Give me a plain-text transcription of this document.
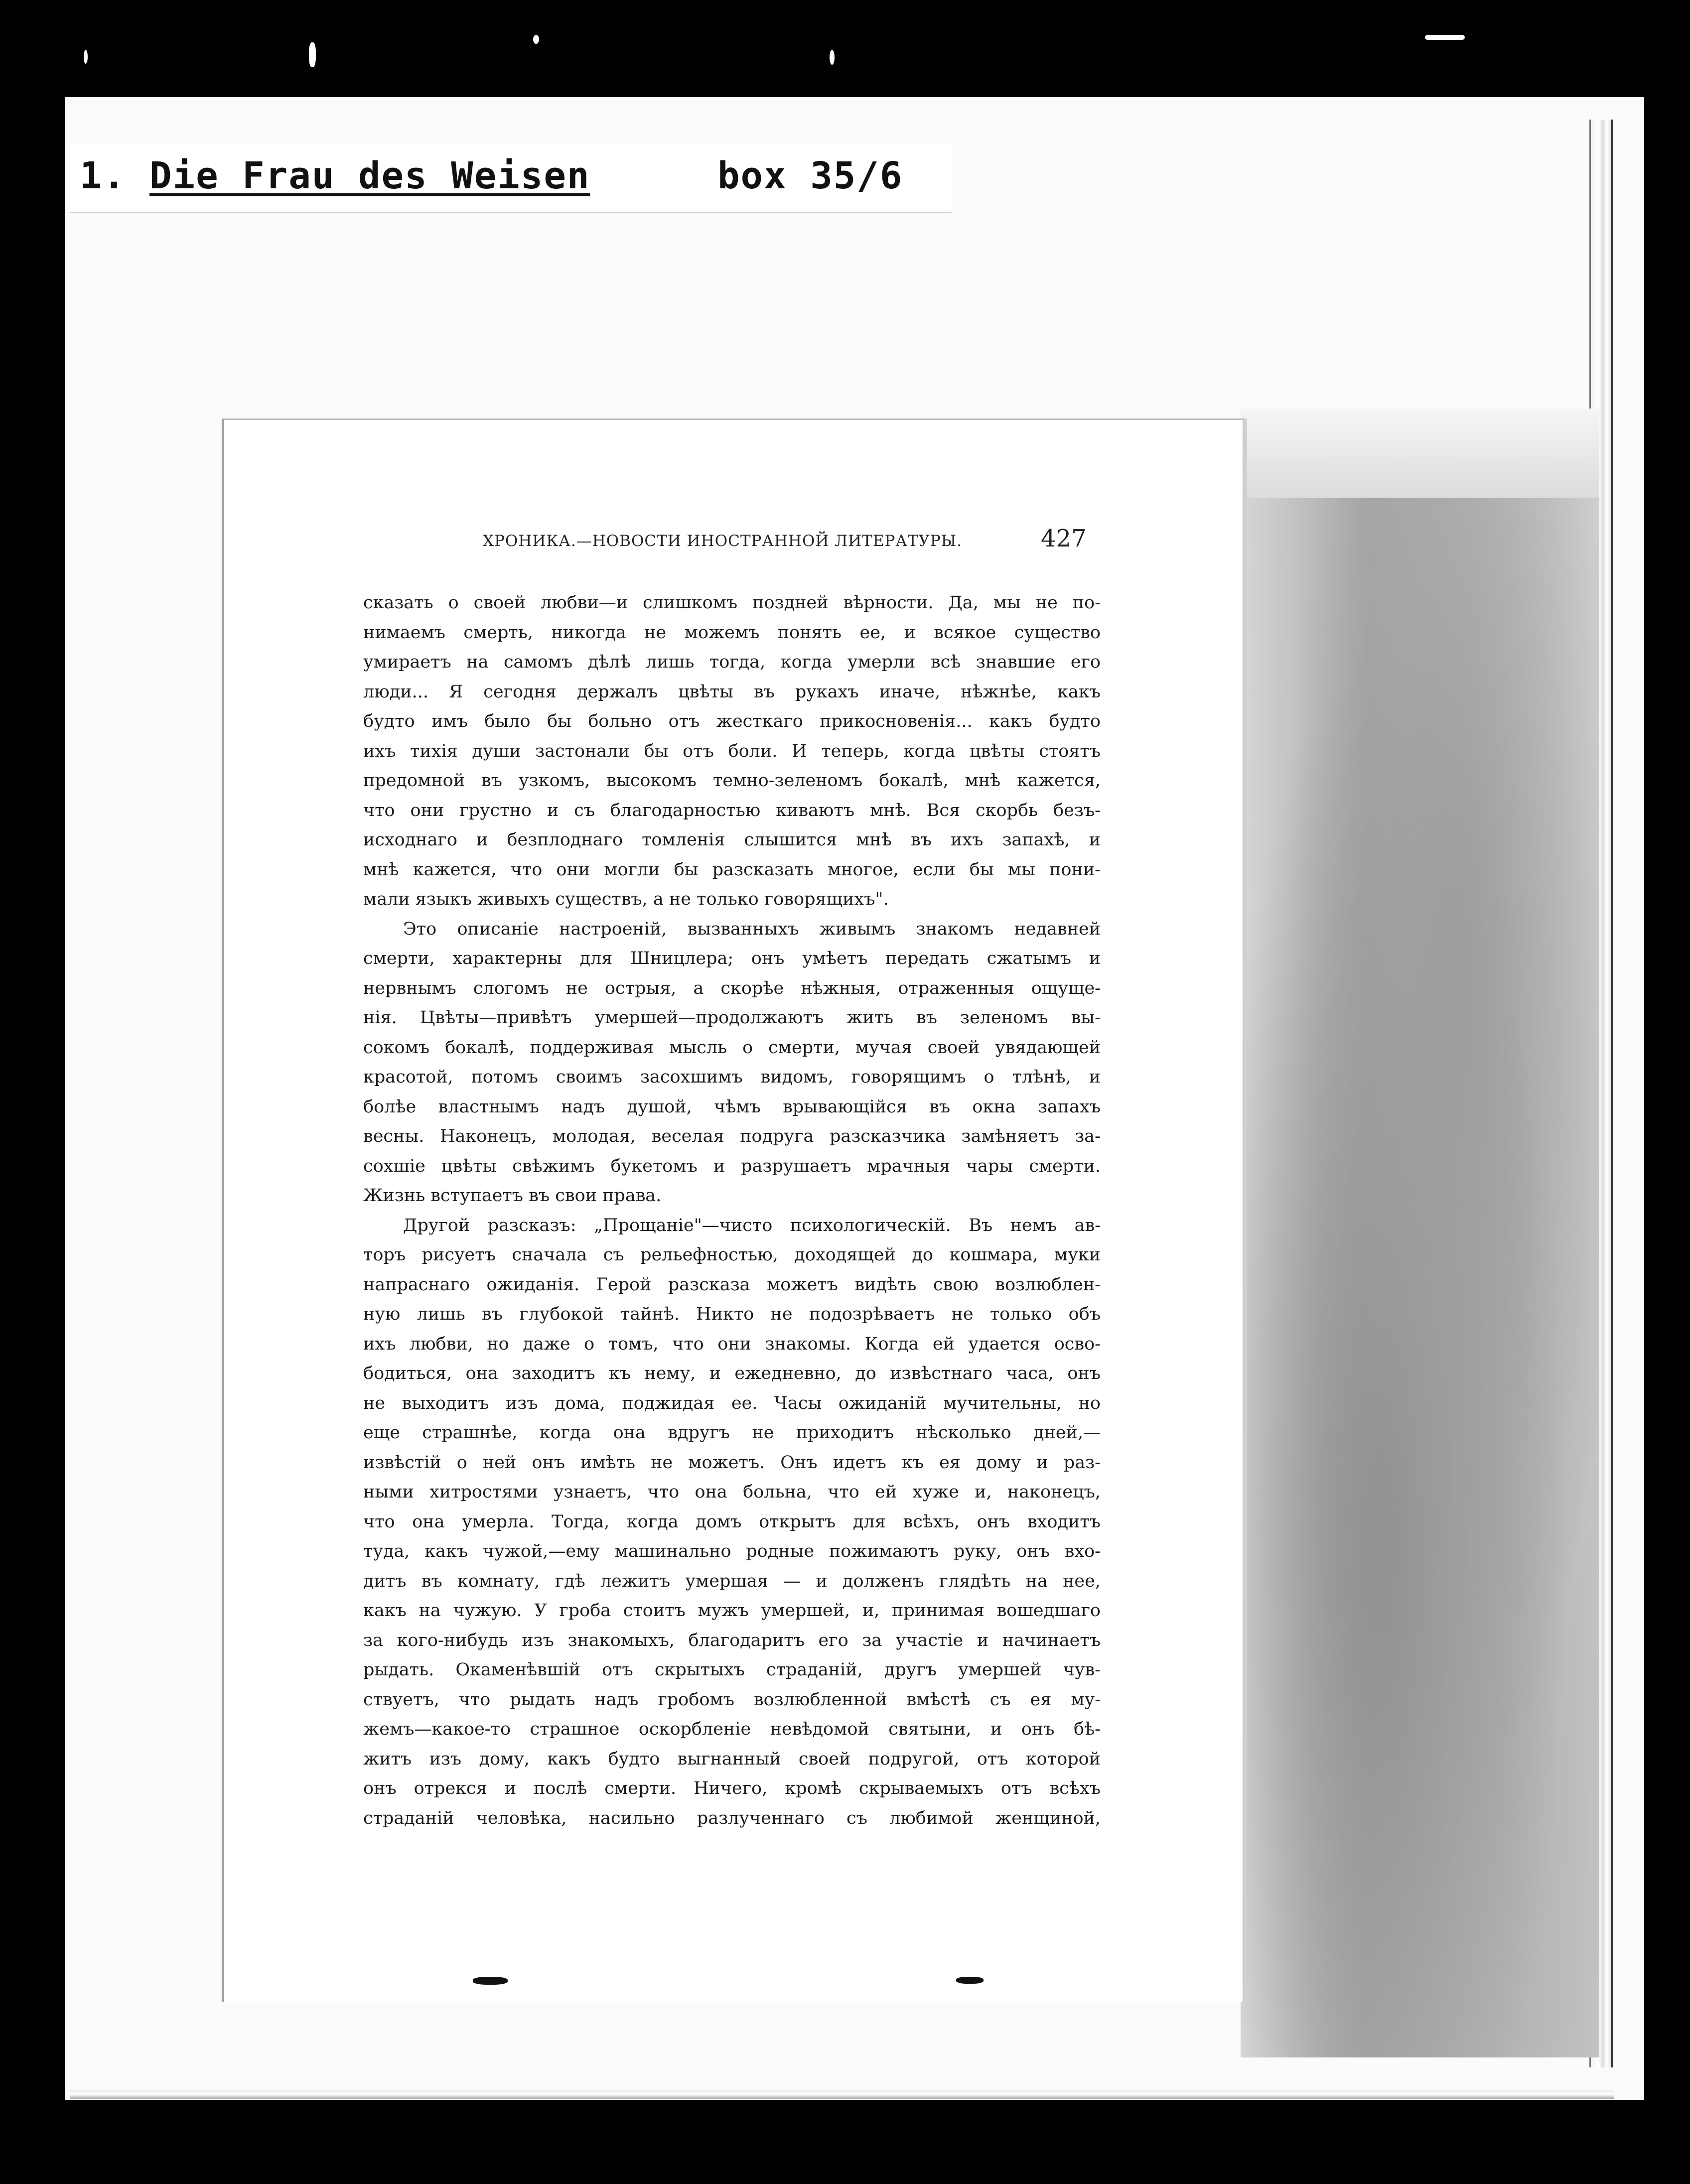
1. Die Frau des Weisen	box 35/6
ХРОНИКА.—НОВОСТИ ИНОСТРАННОЙ ЛИТЕРАТУРЫ.	427
сказать о своей любви—и слишкомъ поздней вѣрности. Да, мы не по-
нимаемъ смерть, никогда не можемъ понять ее, и всякое существо
умираетъ на самомъ дѣлѣ лишь тогда, когда умерли всѣ знавшие его
люди... Я сегодня держалъ цвѣты въ рукахъ иначе, нѣжнѣе, какъ
будто имъ было бы больно отъ жесткаго прикосновенія... какъ будто
ихъ тихія души застонали бы отъ боли. И теперь, когда цвѣты стоятъ
предомной въ узкомъ, высокомъ темно-зеленомъ бокалѣ, мнѣ кажется,
что они грустно и съ благодарностью киваютъ мнѣ. Вся скорбь безъ-
исходнаго и безплоднаго томленія слышится мнѣ въ ихъ запахѣ, и
мнѣ кажется, что они могли бы разсказать многое, если бы мы пони-
мали языкъ живыхъ существъ, а не только говорящихъ".
Это описаніе настроеній, вызванныхъ живымъ знакомъ недавней
смерти, характерны для Шницлера; онъ умѣетъ передать сжатымъ и
нервнымъ слогомъ не острыя, а скорѣе нѣжныя, отраженныя ощуще-
нія. Цвѣты—привѣтъ умершей—продолжаютъ жить въ зеленомъ вы-
сокомъ бокалѣ, поддерживая мысль о смерти, мучая своей увядающей
красотой, потомъ своимъ засохшимъ видомъ, говорящимъ о тлѣнѣ, и
болѣе властнымъ надъ душой, чѣмъ врывающійся въ окна запахъ
весны. Наконецъ, молодая, веселая подруга разсказчика замѣняетъ за-
сохшіе цвѣты свѣжимъ букетомъ и разрушаетъ мрачныя чары смерти.
Жизнь вступаетъ въ свои права.
Другой разсказъ: „Прощаніе"—чисто психологическій. Въ немъ ав-
торъ рисуетъ сначала съ рельефностью, доходящей до кошмара, муки
напраснаго ожиданія. Герой разсказа можетъ видѣть свою возлюблен-
ную лишь въ глубокой тайнѣ. Никто не подозрѣваетъ не только объ
ихъ любви, но даже о томъ, что они знакомы. Когда ей удается осво-
бодиться, она заходитъ къ нему, и ежедневно, до извѣстнаго часа, онъ
не выходитъ изъ дома, поджидая ее. Часы ожиданій мучительны, но
еще страшнѣе, когда она вдругъ не приходитъ нѣсколько дней,—
извѣстій о ней онъ имѣть не можетъ. Онъ идетъ къ ея дому и раз-
ными хитростями узнаетъ, что она больна, что ей хуже и, наконецъ,
что она умерла. Тогда, когда домъ открытъ для всѣхъ, онъ входитъ
туда, какъ чужой,—ему машинально родные пожимаютъ руку, онъ вхо-
дитъ въ комнату, гдѣ лежитъ умершая — и долженъ глядѣть на нее,
какъ на чужую. У гроба стоитъ мужъ умершей, и, принимая вошедшаго
за кого-нибудь изъ знакомыхъ, благодаритъ его за участіе и начинаетъ
рыдать. Окаменѣвшій отъ скрытыхъ страданій, другъ умершей чув-
ствуетъ, что рыдать надъ гробомъ возлюбленной вмѣстѣ съ ея му-
жемъ—какое-то страшное оскорбленіе невѣдомой святыни, и онъ бѣ-
житъ изъ дому, какъ будто выгнанный своей подругой, отъ которой
онъ отрекся и послѣ смерти. Ничего, кромѣ скрываемыхъ отъ всѣхъ
страданій человѣка, насильно разлученнаго съ любимой женщиной,
